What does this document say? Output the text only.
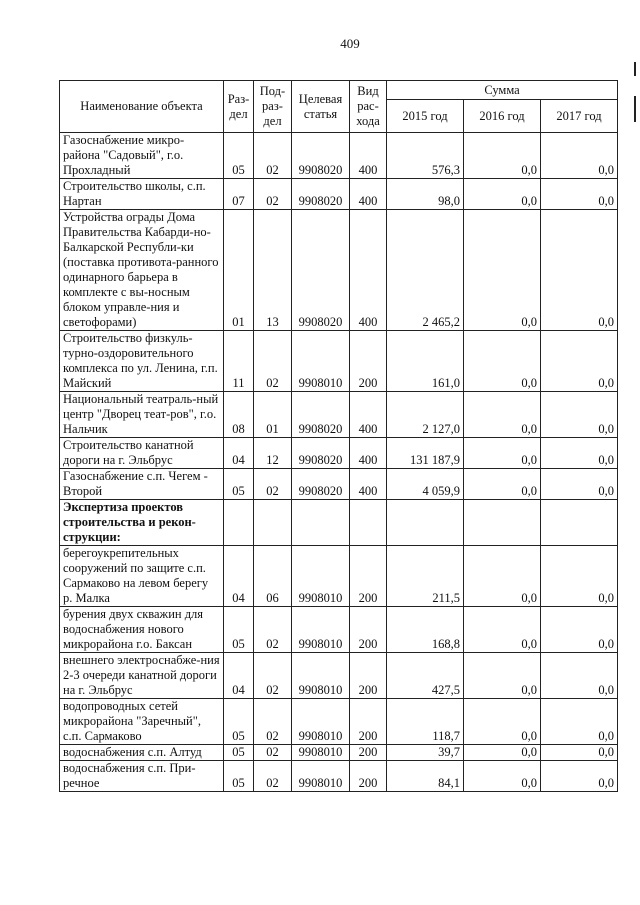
409
Наименование объекта	Раз-дел	Под-раз-дел	Целевая статья	Вид рас-хода	Сумма		
					2015 год	2016 год	2017 год
Газоснабжение микро-района "Садовый", г.о. Прохладный	05	02	9908020	400	576,3	0,0	0,0
Строительство школы, с.п. Нартан	07	02	9908020	400	98,0	0,0	0,0
Устройства ограды Дома Правительства Кабарди-но-Балкарской Республи-ки (поставка противота-ранного одинарного барьера в комплекте с вы-носным блоком управле-ния и светофорами)	01	13	9908020	400	2 465,2	0,0	0,0
Строительство физкуль-турно-оздоровительного комплекса по ул. Ленина, г.п. Майский	11	02	9908010	200	161,0	0,0	0,0
Национальный театраль-ный центр "Дворец теат-ров", г.о. Нальчик	08	01	9908020	400	2 127,0	0,0	0,0
Строительство канатной дороги на г. Эльбрус	04	12	9908020	400	131 187,9	0,0	0,0
Газоснабжение с.п. Чегем - Второй	05	02	9908020	400	4 059,9	0,0	0,0
Экспертиза проектов строительства и рекон-струкции:							
берегоукрепительных сооружений по защите с.п. Сармаково на левом берегу р. Малка	04	06	9908010	200	211,5	0,0	0,0
бурения двух скважин для водоснабжения нового микрорайона г.о. Баксан	05	02	9908010	200	168,8	0,0	0,0
внешнего электроснабже-ния 2-3 очереди канатной дороги на г. Эльбрус	04	02	9908010	200	427,5	0,0	0,0
водопроводных сетей микрорайона "Заречный", с.п. Сармаково	05	02	9908010	200	118,7	0,0	0,0
водоснабжения с.п. Алтуд	05	02	9908010	200	39,7	0,0	0,0
водоснабжения с.п. При-речное	05	02	9908010	200	84,1	0,0	0,0
